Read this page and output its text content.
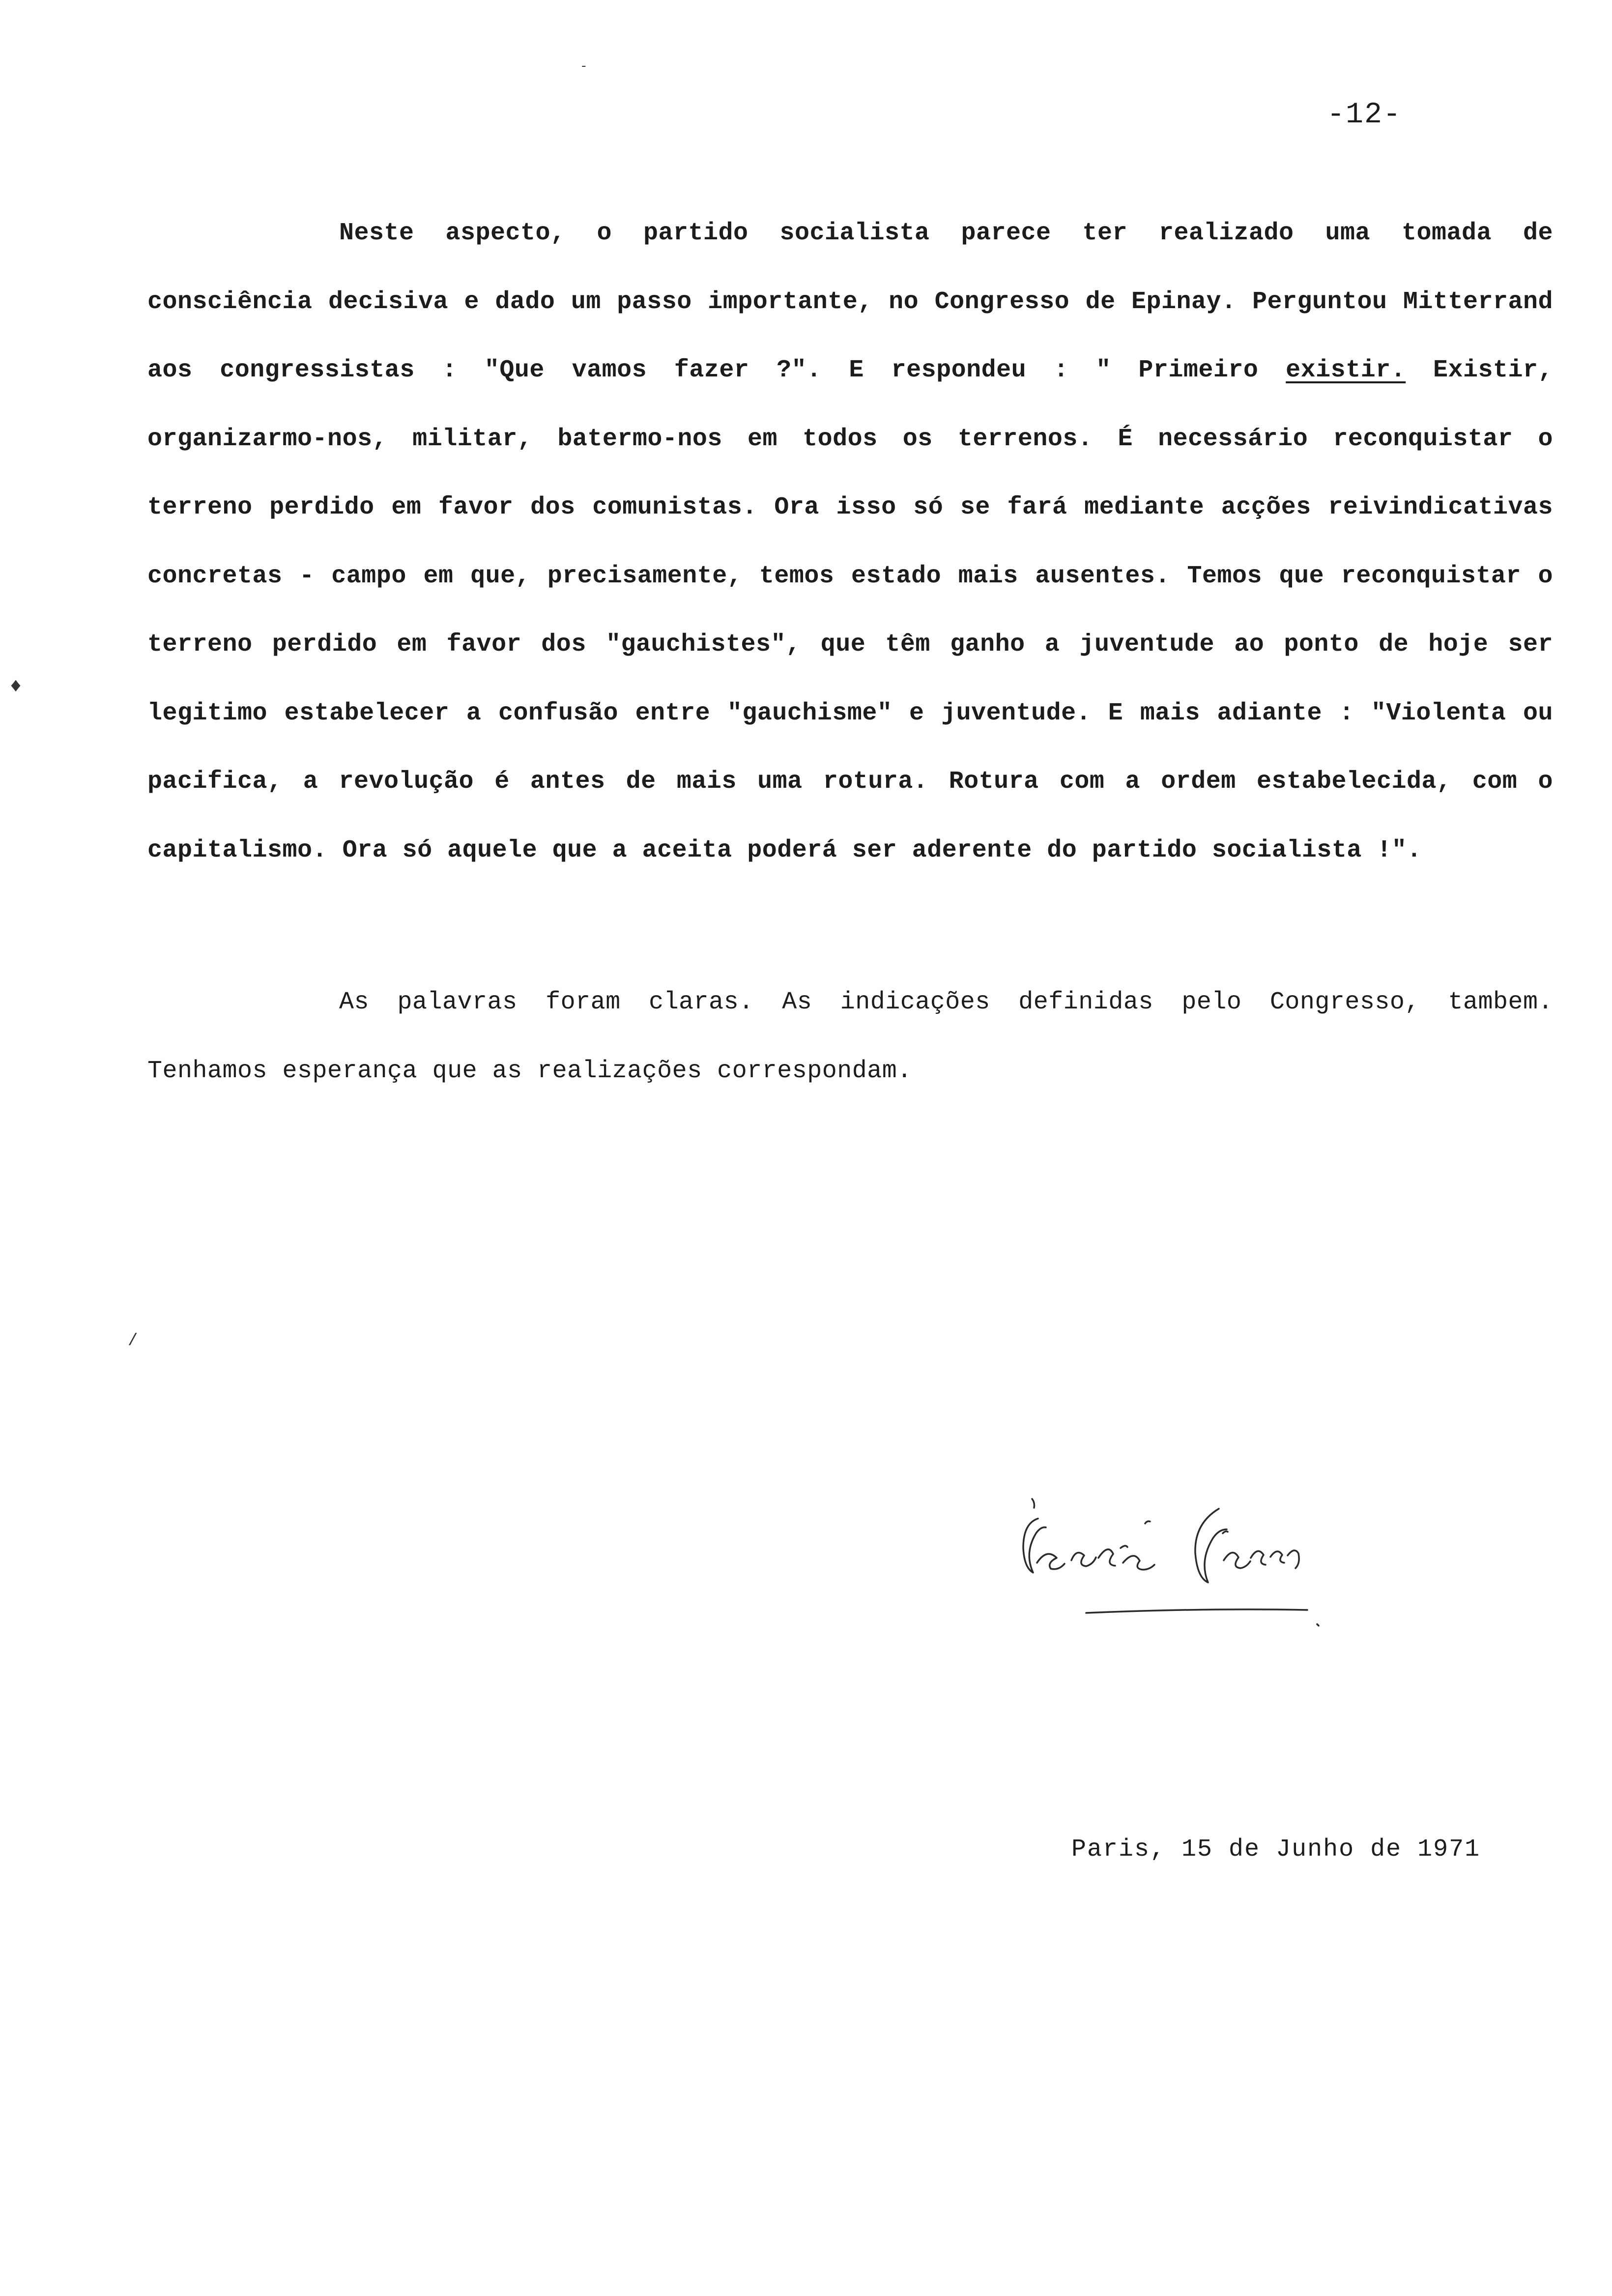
-
♦
/
-12-

Neste aspecto, o partido socialista parece ter realizado uma tomada de consciência decisiva e dado um passo importante, no Congresso de Epinay. Perguntou Mitterrand aos congressistas : "Que vamos fazer ?". E respondeu : " Primeiro existir. Existir, organizarmo-nos, militar, batermo-nos em todos os terrenos. É necessário reconquistar o terreno perdido em favor dos comunistas. Ora isso só se fará mediante acções reivindicativas concretas - campo em que, precisamente, temos estado mais ausentes. Temos que reconquistar o terreno perdido em favor dos "gauchistes", que têm ganho a juventude ao ponto de hoje ser legitimo estabelecer a confusão entre "gauchisme" e juventude. E mais adiante : "Violenta ou pacifica, a revolução é antes de mais uma rotura. Rotura com a ordem estabelecida, com o capitalismo. Ora só aquele que a aceita poderá ser aderente do partido socialista !".

As palavras foram claras. As indicações definidas pelo Congresso, tambem. Tenhamos esperança que as realizações correspondam.

Tiberio Peres
Paris, 15 de Junho de 1971
